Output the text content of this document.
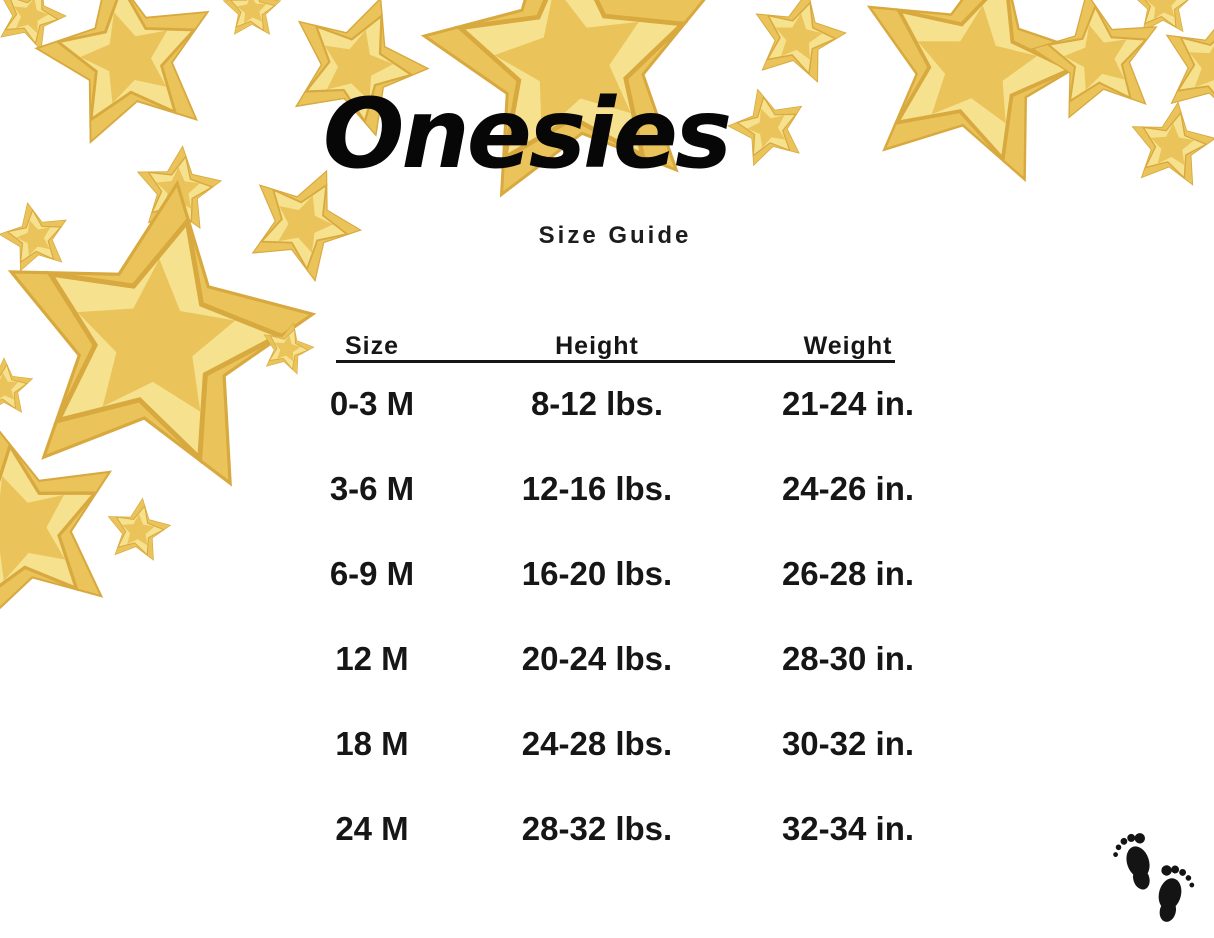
Onesies
Size Guide
Size	Height	Weight
0-3 M	8-12 lbs.	21-24 in.
3-6 M	12-16 lbs.	24-26 in.
6-9 M	16-20 lbs.	26-28 in.
12 M	20-24 lbs.	28-30 in.
18 M	24-28 lbs.	30-32 in.
24 M	28-32 lbs.	32-34 in.
